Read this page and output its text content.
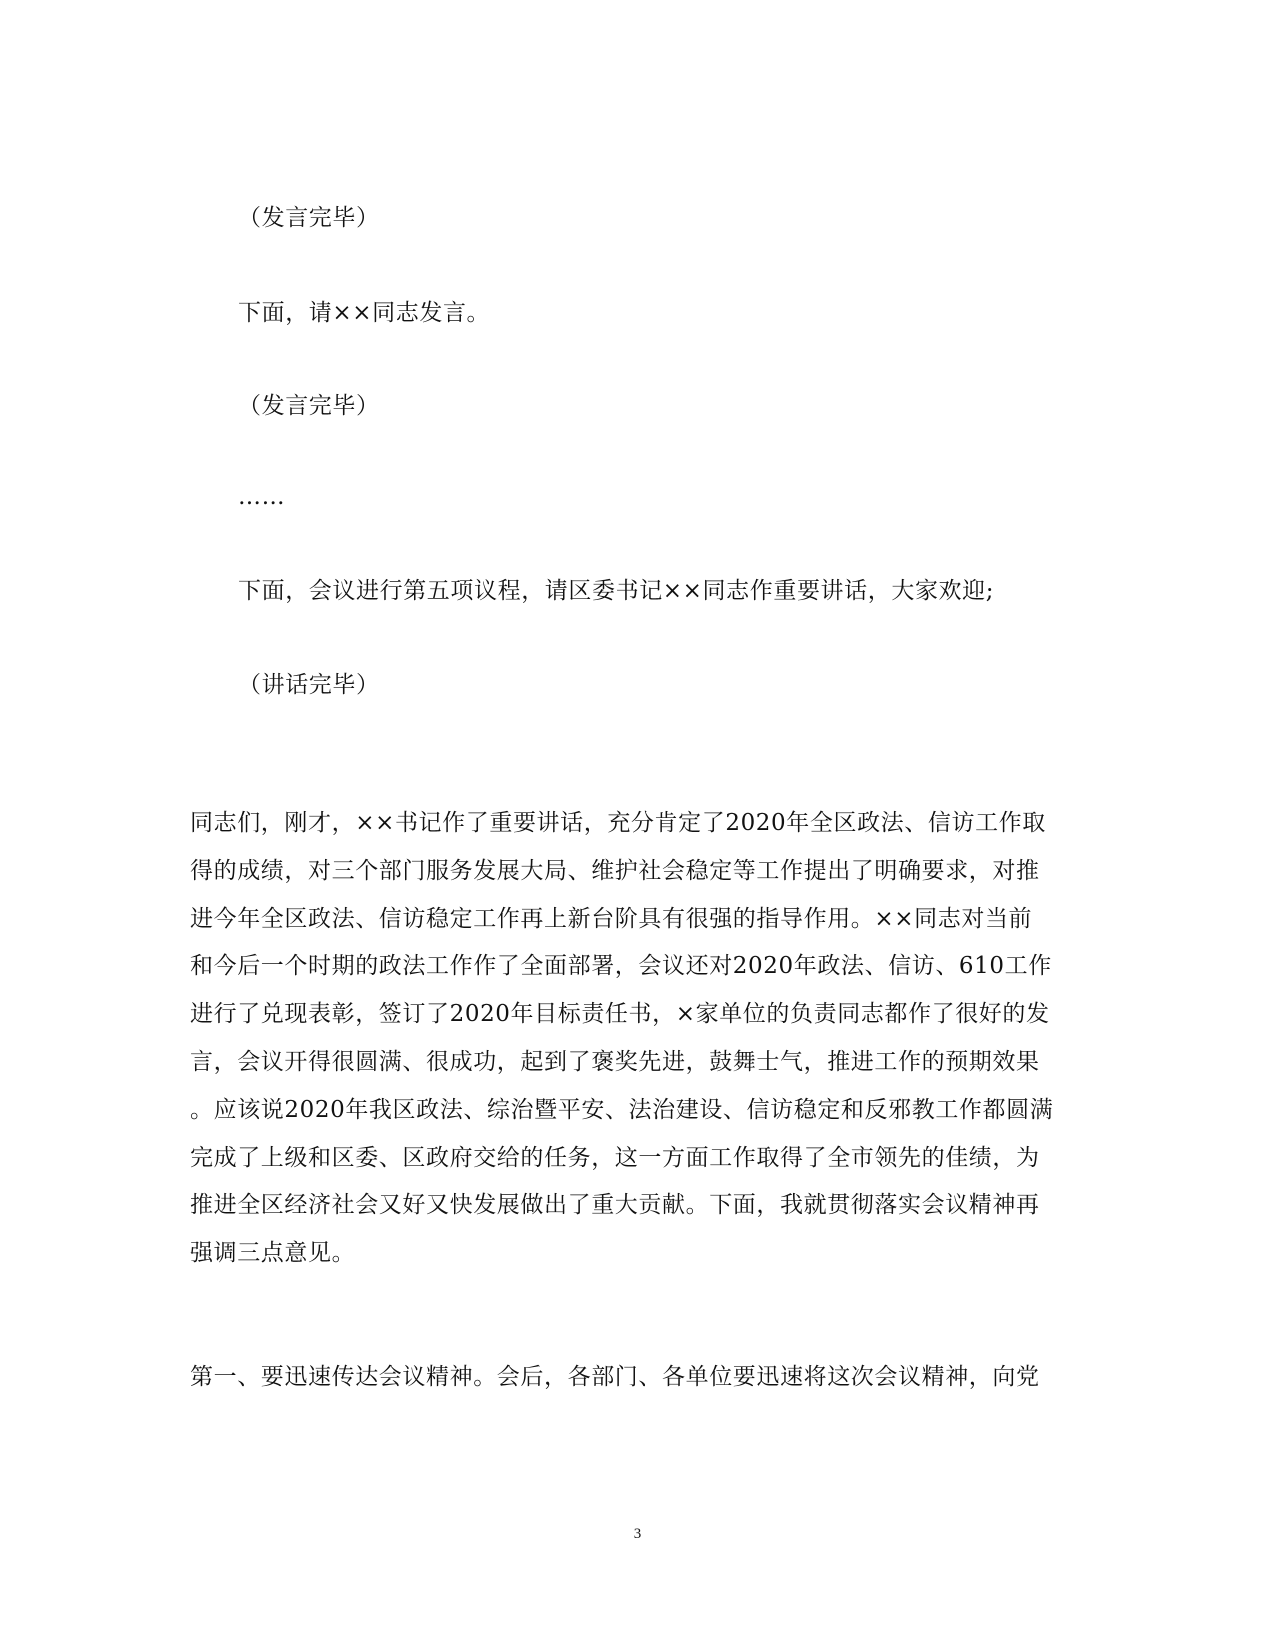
（发言完毕）
下面，请××同志发言。
（发言完毕）
……
下面，会议进行第五项议程，请区委书记××同志作重要讲话，大家欢迎;
（讲话完毕）
同志们，刚才，××书记作了重要讲话，充分肯定了2020年全区政法、信访工作取
得的成绩，对三个部门服务发展大局、维护社会稳定等工作提出了明确要求，对推
进今年全区政法、信访稳定工作再上新台阶具有很强的指导作用。××同志对当前
和今后一个时期的政法工作作了全面部署，会议还对2020年政法、信访、610工作
进行了兑现表彰，签订了2020年目标责任书，×家单位的负责同志都作了很好的发
言，会议开得很圆满、很成功，起到了褒奖先进，鼓舞士气，推进工作的预期效果
。应该说2020年我区政法、综治暨平安、法治建设、信访稳定和反邪教工作都圆满
完成了上级和区委、区政府交给的任务，这一方面工作取得了全市领先的佳绩，为
推进全区经济社会又好又快发展做出了重大贡献。下面，我就贯彻落实会议精神再
强调三点意见。
第一、要迅速传达会议精神。会后，各部门、各单位要迅速将这次会议精神，向党
3
